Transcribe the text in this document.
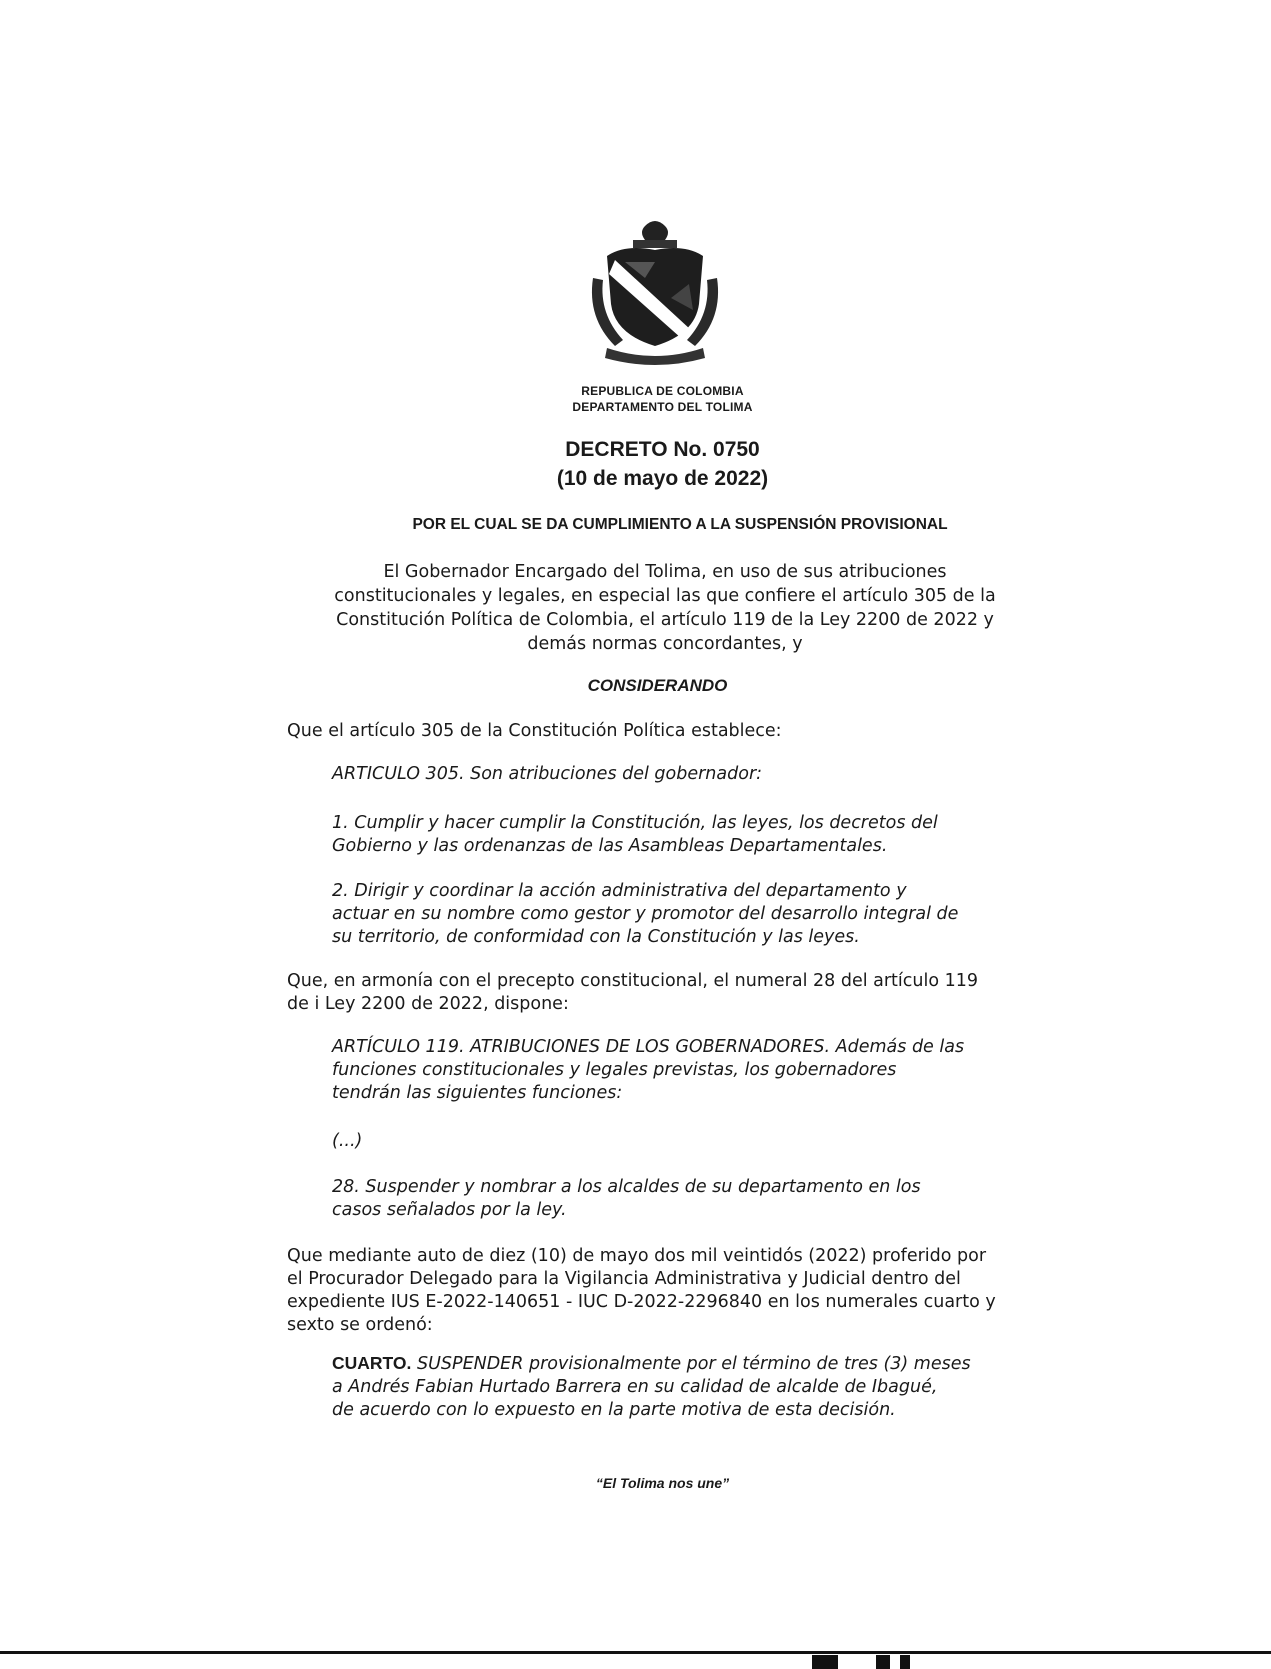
REPUBLICA DE COLOMBIA
DEPARTAMENTO DEL TOLIMA
DECRETO No. 0750
(10 de mayo de 2022)
POR EL CUAL SE DA CUMPLIMIENTO A LA SUSPENSIÓN PROVISIONAL
El Gobernador Encargado del Tolima, en uso de sus atribuciones
constitucionales y legales, en especial las que confiere el artículo 305 de la
Constitución Política de Colombia, el artículo 119 de la Ley 2200 de 2022 y
demás normas concordantes, y
CONSIDERANDO
Que el artículo 305 de la Constitución Política establece:
ARTICULO 305. Son atribuciones del gobernador:
1. Cumplir y hacer cumplir la Constitución, las leyes, los decretos del
Gobierno y las ordenanzas de las Asambleas Departamentales.
2. Dirigir y coordinar la acción administrativa del departamento y
actuar en su nombre como gestor y promotor del desarrollo integral de
su territorio, de conformidad con la Constitución y las leyes.
Que, en armonía con el precepto constitucional, el numeral 28 del artículo 119
de i Ley 2200 de 2022, dispone:
ARTÍCULO 119. ATRIBUCIONES DE LOS GOBERNADORES. Además de las
funciones constitucionales y legales previstas, los gobernadores
tendrán las siguientes funciones:
(...)
28. Suspender y nombrar a los alcaldes de su departamento en los
casos señalados por la ley.
Que mediante auto de diez (10) de mayo dos mil veintidós (2022) proferido por
el Procurador Delegado para la Vigilancia Administrativa y Judicial dentro del
expediente IUS E-2022-140651 - IUC D-2022-2296840 en los numerales cuarto y
sexto se ordenó:
CUARTO. SUSPENDER provisionalmente por el término de tres (3) meses
a Andrés Fabian Hurtado Barrera en su calidad de alcalde de Ibagué,
de acuerdo con lo expuesto en la parte motiva de esta decisión.
“El Tolima nos une”
